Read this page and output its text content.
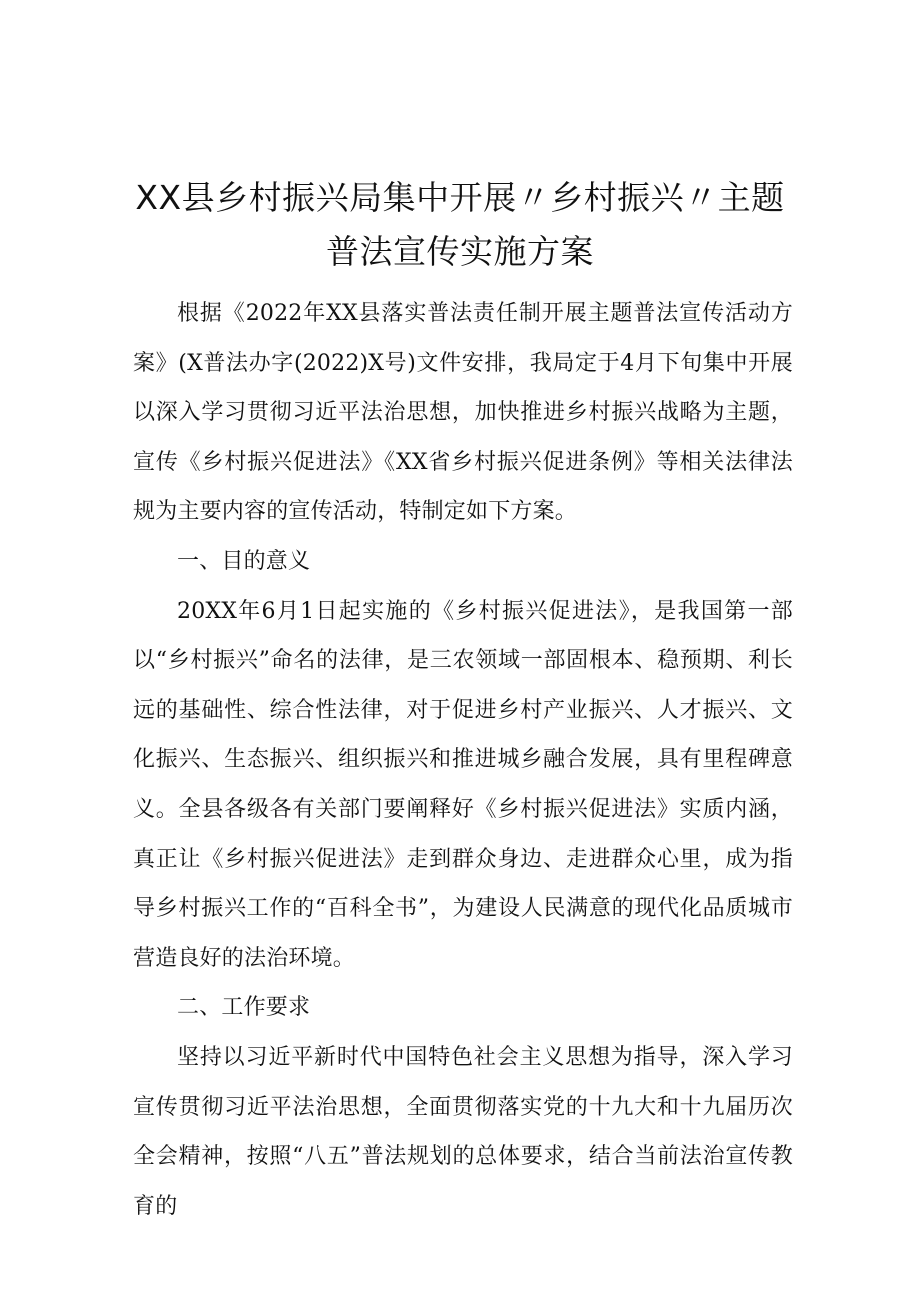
XX县乡村振兴局集中开展〃乡村振兴〃主题
普法宣传实施方案

根据《2022年XX县落实普法责任制开展主题普法宣传活动方案》(X普法办字(2022)X号)文件安排，我局定于4月下旬集中开展以深入学习贯彻习近平法治思想，加快推进乡村振兴战略为主题，宣传《乡村振兴促进法》《XX省乡村振兴促进条例》等相关法律法规为主要内容的宣传活动，特制定如下方案。

一、目的意义

20XX年6月1日起实施的《乡村振兴促进法》，是我国第一部以“乡村振兴”命名的法律，是三农领域一部固根本、稳预期、利长远的基础性、综合性法律，对于促进乡村产业振兴、人才振兴、文化振兴、生态振兴、组织振兴和推进城乡融合发展，具有里程碑意义。全县各级各有关部门要阐释好《乡村振兴促进法》实质内涵，真正让《乡村振兴促进法》走到群众身边、走进群众心里，成为指导乡村振兴工作的“百科全书”，为建设人民满意的现代化品质城市营造良好的法治环境。

二、工作要求

坚持以习近平新时代中国特色社会主义思想为指导，深入学习宣传贯彻习近平法治思想，全面贯彻落实党的十九大和十九届历次全会精神，按照“八五”普法规划的总体要求，结合当前法治宣传教育的
